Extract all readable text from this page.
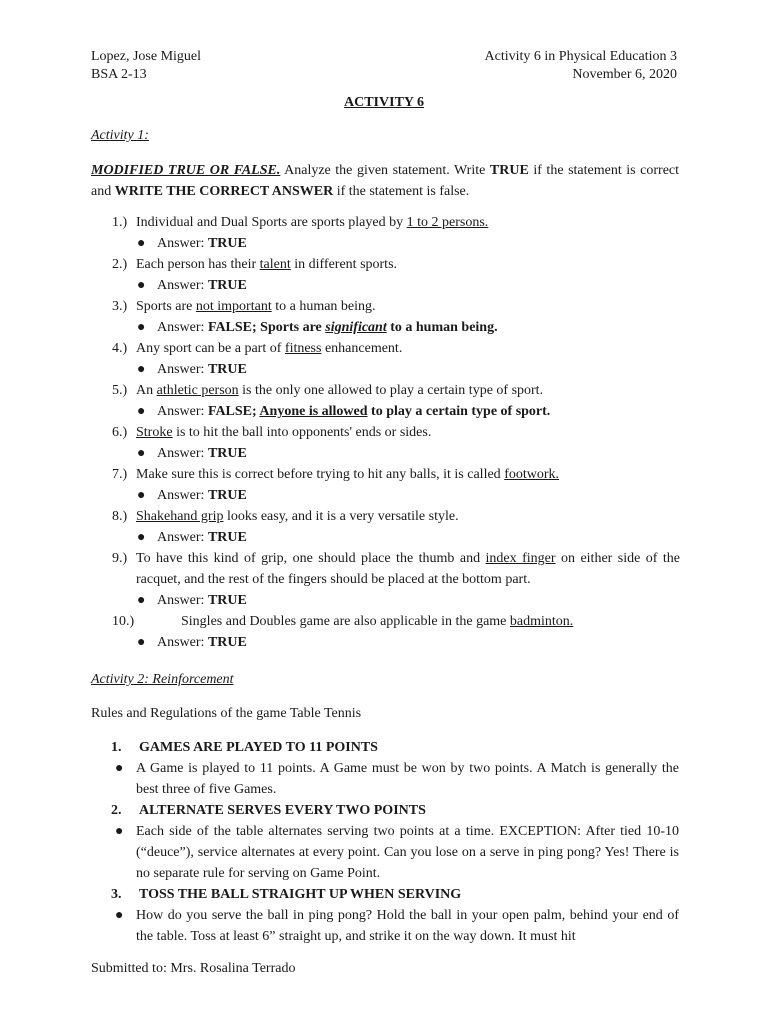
Lopez, Jose Miguel
BSA 2-13
Activity 6 in Physical Education 3
November 6, 2020
ACTIVITY 6
Activity 1:
MODIFIED TRUE OR FALSE. Analyze the given statement. Write TRUE if the statement is correct and WRITE THE CORRECT ANSWER if the statement is false.
1.) Individual and Dual Sports are sports played by 1 to 2 persons.
● Answer: TRUE
2.) Each person has their talent in different sports.
● Answer: TRUE
3.) Sports are not important to a human being.
● Answer: FALSE; Sports are significant to a human being.
4.) Any sport can be a part of fitness enhancement.
● Answer: TRUE
5.) An athletic person is the only one allowed to play a certain type of sport.
● Answer: FALSE; Anyone is allowed to play a certain type of sport.
6.) Stroke is to hit the ball into opponents' ends or sides.
● Answer: TRUE
7.) Make sure this is correct before trying to hit any balls, it is called footwork.
● Answer: TRUE
8.) Shakehand grip looks easy, and it is a very versatile style.
● Answer: TRUE
9.) To have this kind of grip, one should place the thumb and index finger on either side of the racquet, and the rest of the fingers should be placed at the bottom part.
● Answer: TRUE
10.)	Singles and Doubles game are also applicable in the game badminton.
● Answer: TRUE
Activity 2: Reinforcement
Rules and Regulations of the game Table Tennis
1. GAMES ARE PLAYED TO 11 POINTS
● A Game is played to 11 points. A Game must be won by two points. A Match is generally the best three of five Games.
2. ALTERNATE SERVES EVERY TWO POINTS
● Each side of the table alternates serving two points at a time. EXCEPTION: After tied 10-10 (“deuce”), service alternates at every point. Can you lose on a serve in ping pong? Yes! There is no separate rule for serving on Game Point.
3. TOSS THE BALL STRAIGHT UP WHEN SERVING
● How do you serve the ball in ping pong? Hold the ball in your open palm, behind your end of the table. Toss at least 6” straight up, and strike it on the way down. It must hit
Submitted to: Mrs. Rosalina Terrado
